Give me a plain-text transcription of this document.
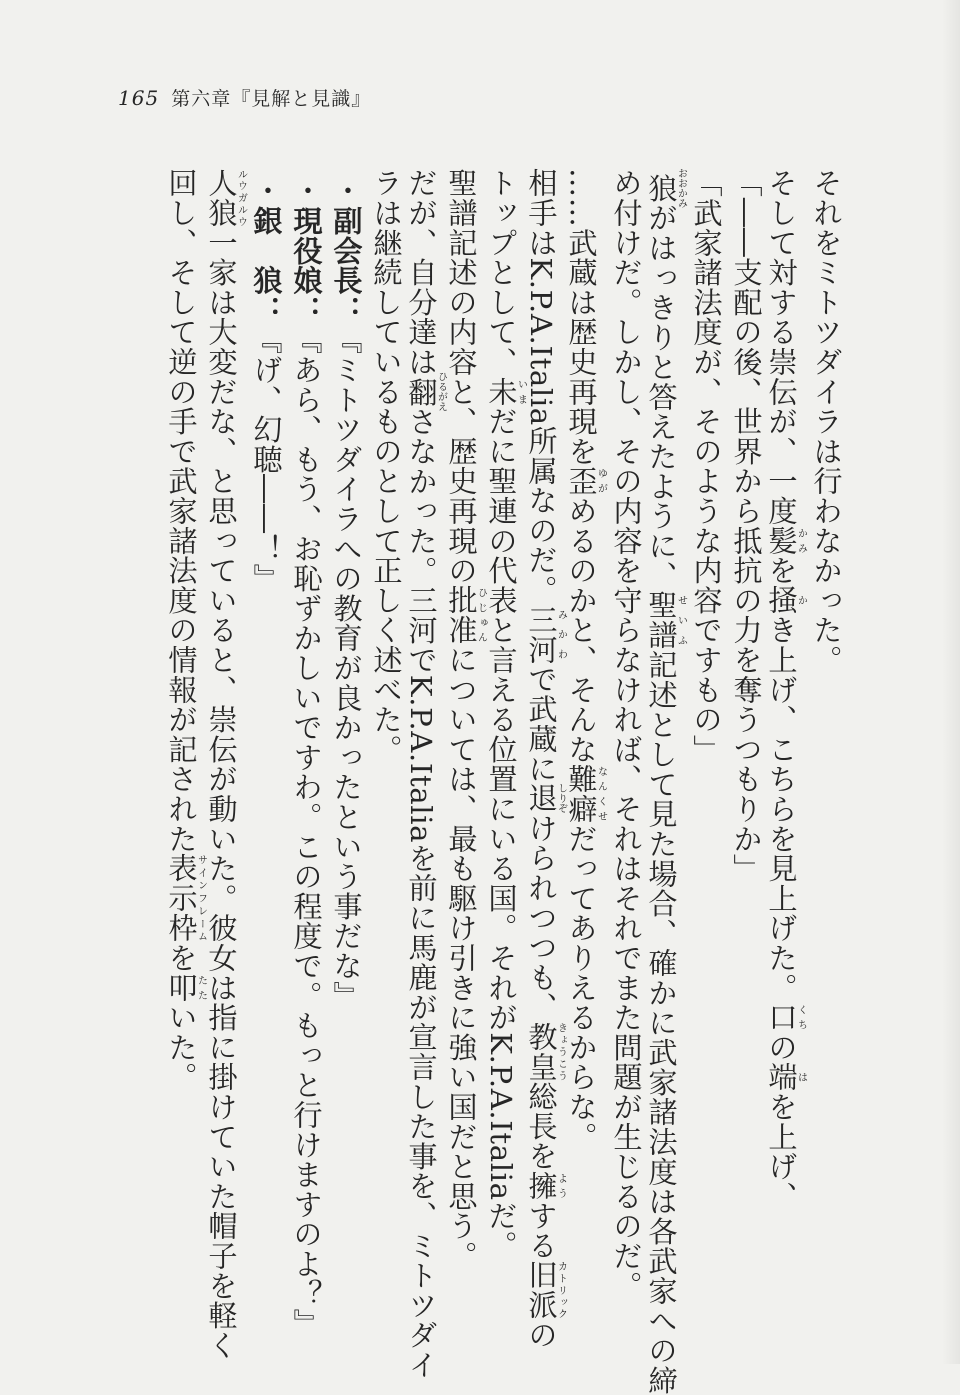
165 第六章『見解と見識』
それをミトツダイラは行わなかった。
そして対する崇伝が、一度髪かみを掻かき上げ、こちらを見上げた。口くちの端はを上げ、
「――支配の後、世界から抵抗の力を奪うつもりか」
「武家諸法度が、そのような内容ですもの」
狼おおかみがはっきりと答えたように、聖譜せいふ記述として見た場合、確かに武家諸法度は各武家への締
め付けだ。しかし、その内容を守らなければ、それはそれでまた問題が生じるのだ。
……武蔵は歴史再現を歪ゆがめるのかと、そんな難癖なんくせだってありえるからな。
相手はK.P.A.Italia所属なのだ。三河みかわで武蔵に退しりぞけられつつも、教皇きょうこう総長を擁ようする旧派カトリックの
トップとして、未いまだに聖連の代表と言える位置にいる国。それがK.P.A.Italiaだ。
聖譜記述の内容と、歴史再現の批准ひじゅんについては、最も駆け引きに強い国だと思う。
だが、自分達は翻ひるがえさなかった。三河でK.P.A.Italiaを前に馬鹿が宣言した事を、ミトツダイ
ラは継続しているものとして正しく述べた。
・副会長：『ミトツダイラへの教育が良かったという事だな』
・現役娘：『あら、もう、お恥ずかしいですわ。この程度で。もっと行けますのよ？』
・銀　狼：『げ、幻聴――！』
人狼ルウガルウ一家は大変だな、と思っていると、崇伝が動いた。彼女は指に掛けていた帽子を軽く
回し、そして逆の手で武家諸法度の情報が記された表示枠サインフレームを叩たたいた。
